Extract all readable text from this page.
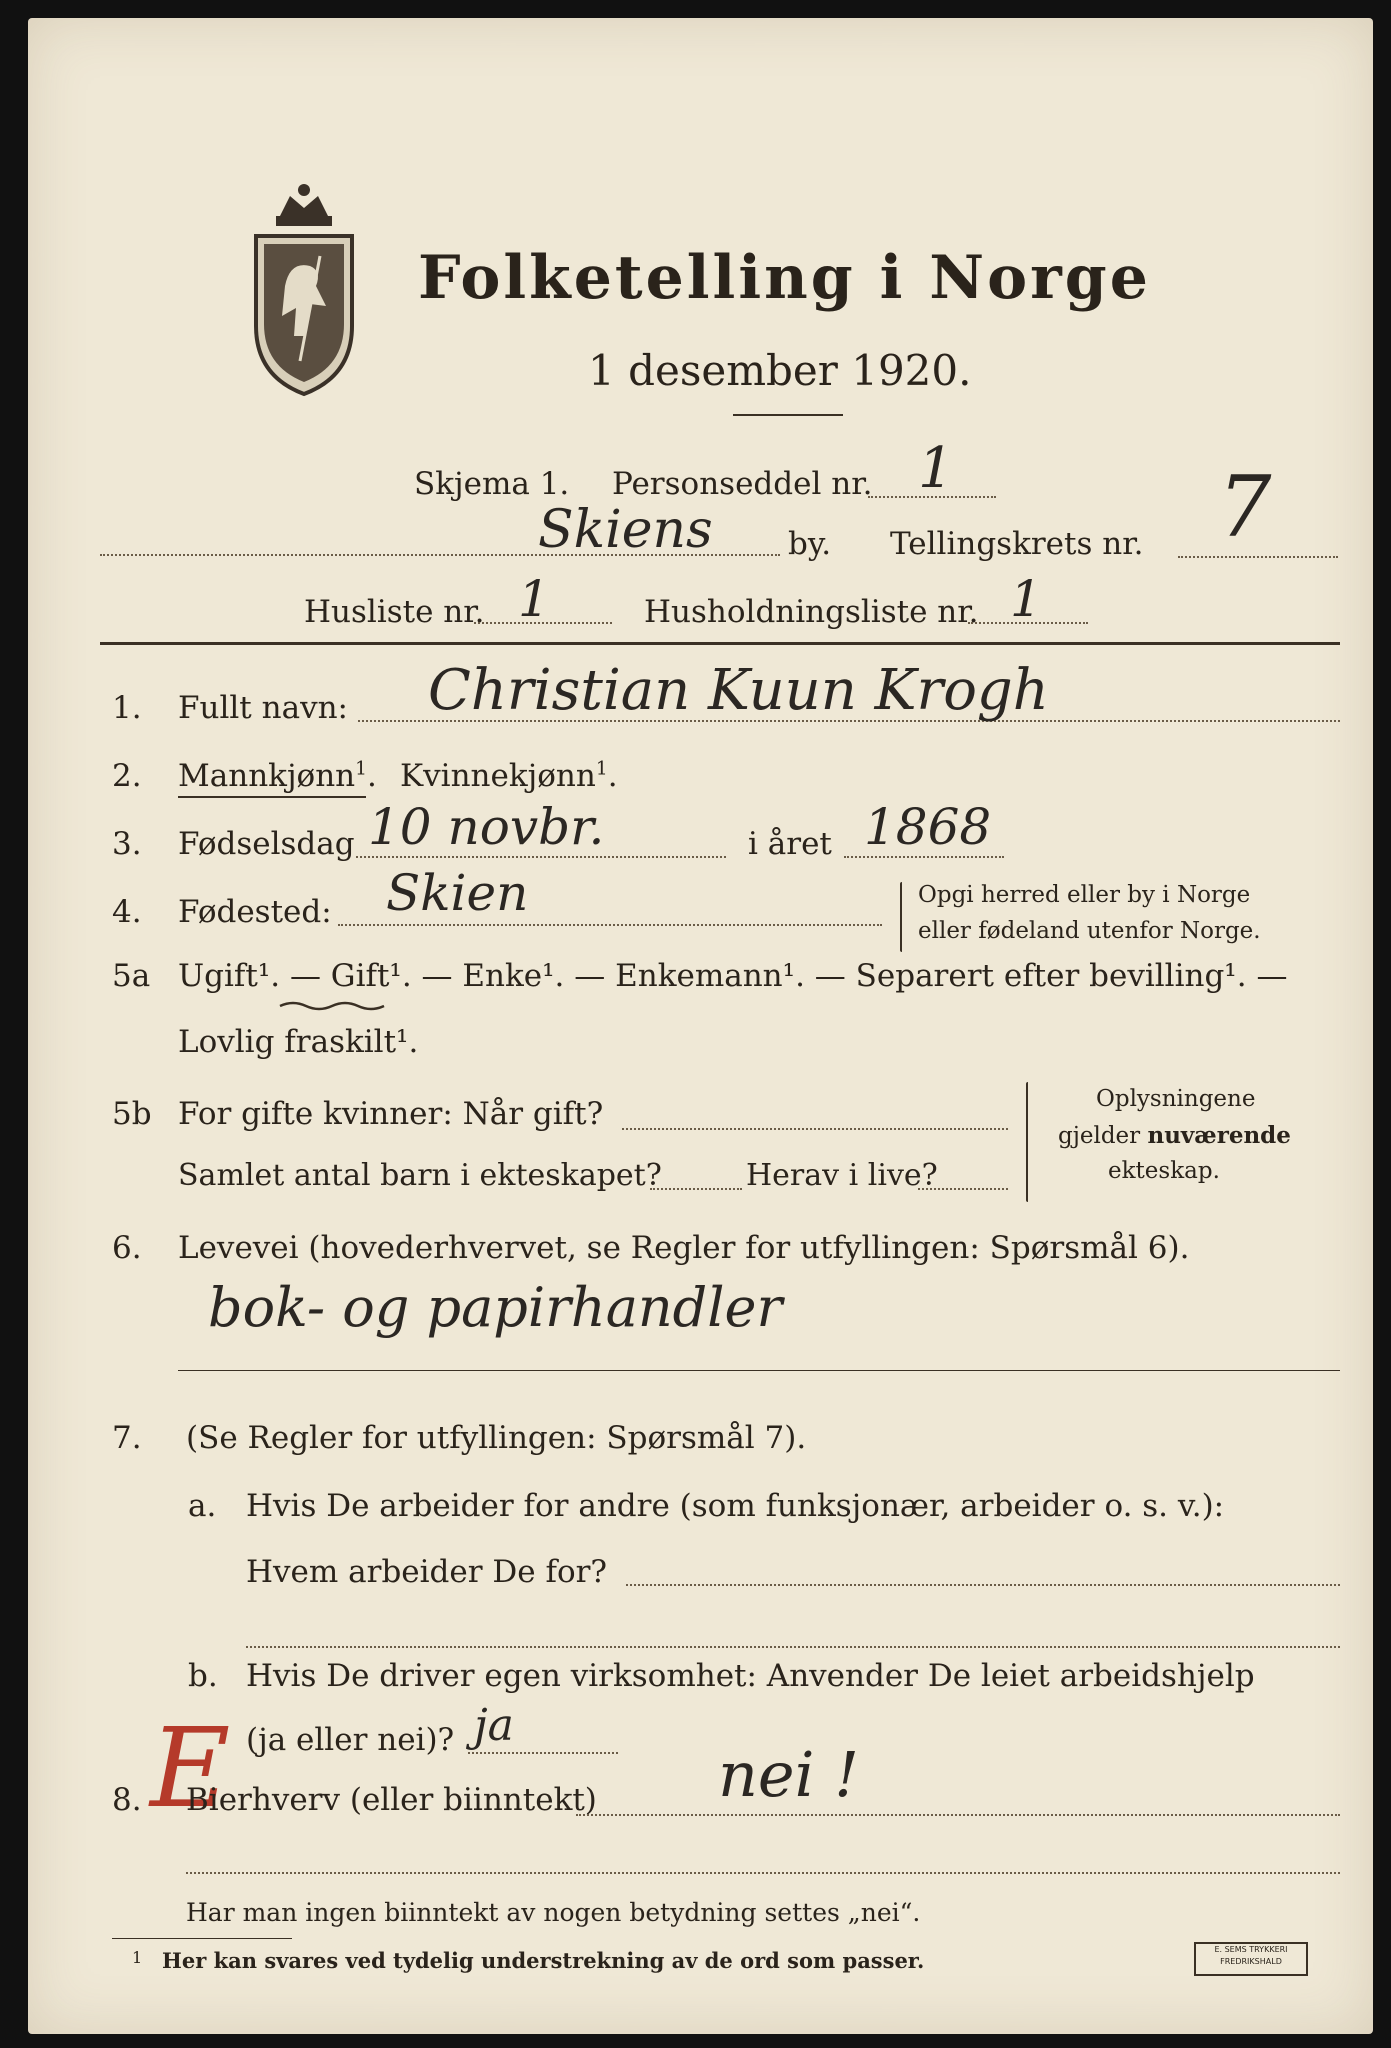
Folketelling i Norge
1 desember 1920.
Skjema 1. Personseddel nr. 1
Skiens by. Tellingskrets nr. 7
Husliste nr. 1	Husholdningsliste nr. 1
1. Fullt navn: Christian Kuun Krogh
2. Mannkjønn$^1$. Kvinnekjønn$^1$.
3. Fødselsdag 10 novbr.	i året 1868
4. Fødested: Skien	Opgi herred eller by i Norge
eller fødeland utenfor Norge.
5a Ugift¹. — Gift¹. — Enke¹. — Enkemann¹. — Separert efter bevilling¹. —
Lovlig fraskilt¹.
5b For gifte kvinner: Når gift?
Samlet antal barn i ekteskapet?	Herav i live?
Oplysningene
gjelder nuværende
ekteskap.
6. Levevei (hovederhvervet, se Regler for utfyllingen: Spørsmål 6).
bok- og papirhandler
7. (Se Regler for utfyllingen: Spørsmål 7).
a. Hvis De arbeider for andre (som funksjonær, arbeider o. s. v.):
Hvem arbeider De for?
b. Hvis De driver egen virksomhet: Anvender De leiet arbeidshjelp
(ja eller nei)? ja
E
8. Bierhverv (eller biinntekt) nei !
Har man ingen biinntekt av nogen betydning settes „nei“.
1 Her kan svares ved tydelig understrekning av de ord som passer.	E. SEMS TRYKKERI
FREDRIKSHALD
